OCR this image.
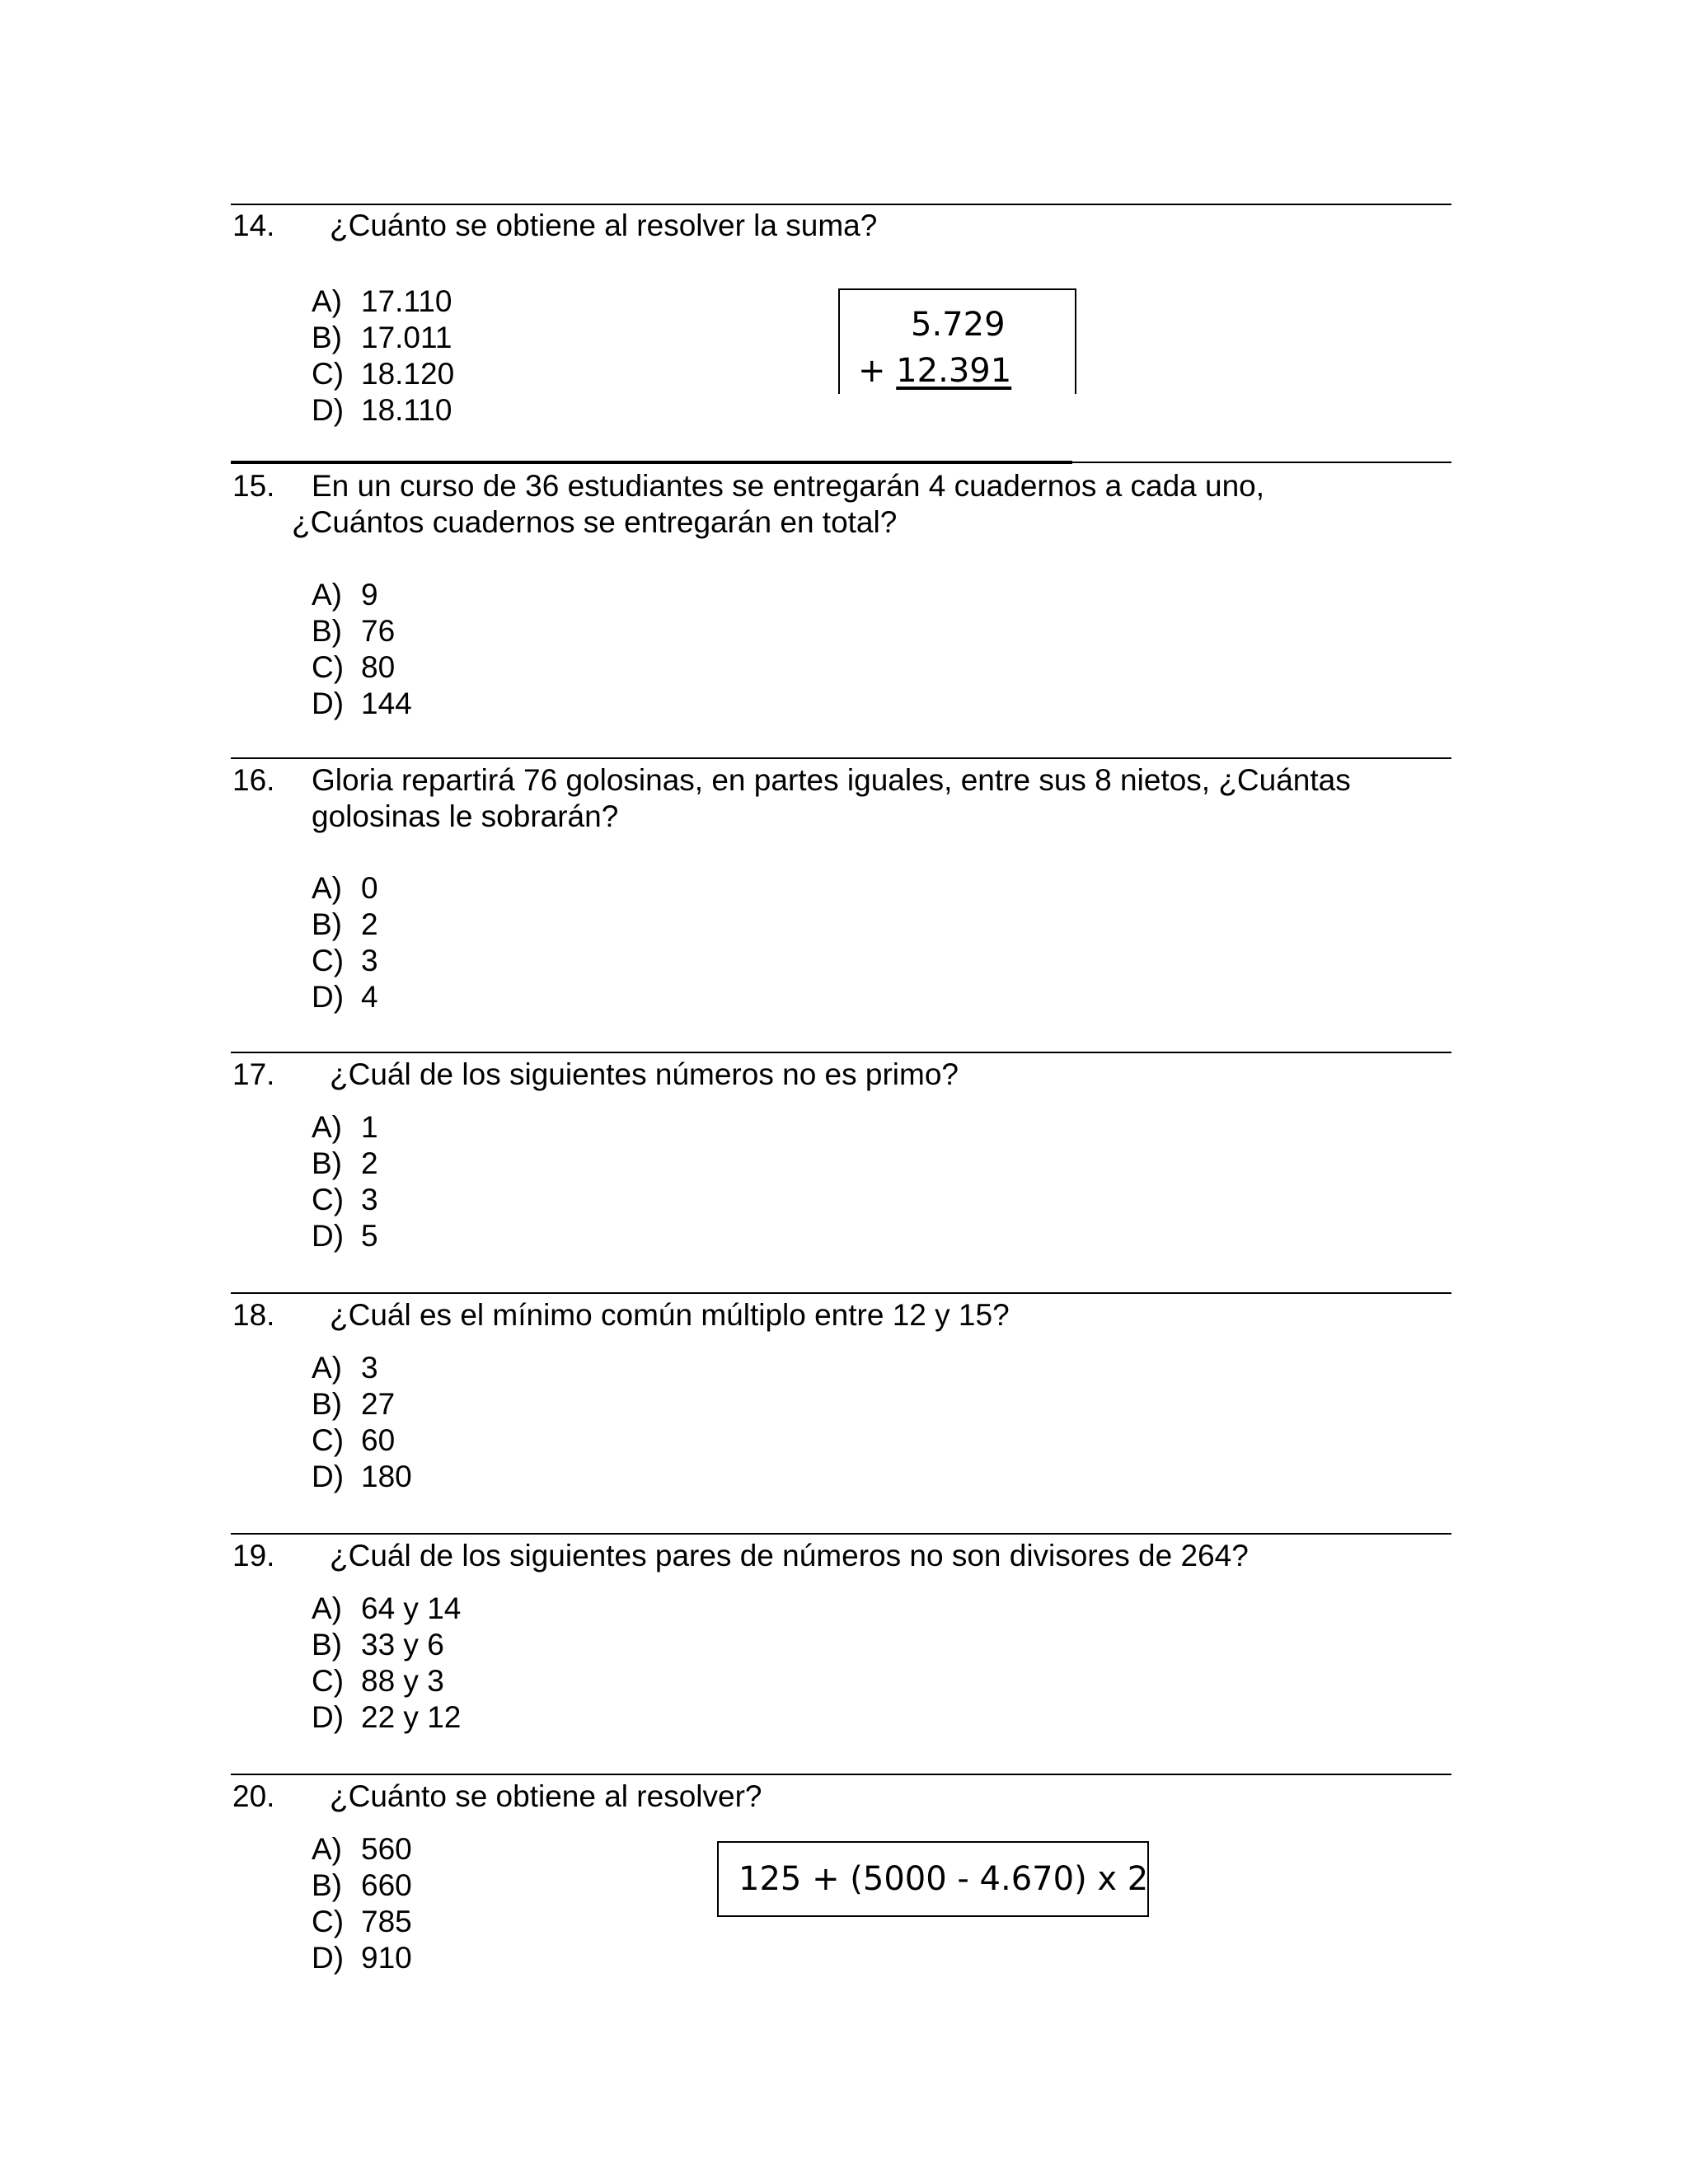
14. ¿Cuánto se obtiene al resolver la suma?
A) 17.110
B) 17.011
C) 18.120
D) 18.110
5.729
+ 12.391
15. En un curso de 36 estudiantes se entregarán 4 cuadernos a cada uno,
¿Cuántos cuadernos se entregarán en total?
A) 9
B) 76
C) 80
D) 144
16. Gloria repartirá 76 golosinas, en partes iguales, entre sus 8 nietos, ¿Cuántas
golosinas le sobrarán?
A) 0
B) 2
C) 3
D) 4
17. ¿Cuál de los siguientes números no es primo?
A) 1
B) 2
C) 3
D) 5
18. ¿Cuál es el mínimo común múltiplo entre 12 y 15?
A) 3
B) 27
C) 60
D) 180
19. ¿Cuál de los siguientes pares de números no son divisores de 264?
A) 64 y 14
B) 33 y 6
C) 88 y 3
D) 22 y 12
20. ¿Cuánto se obtiene al resolver?
A) 560
B) 660
C) 785
D) 910
125 + (5000 - 4.670) x 2
